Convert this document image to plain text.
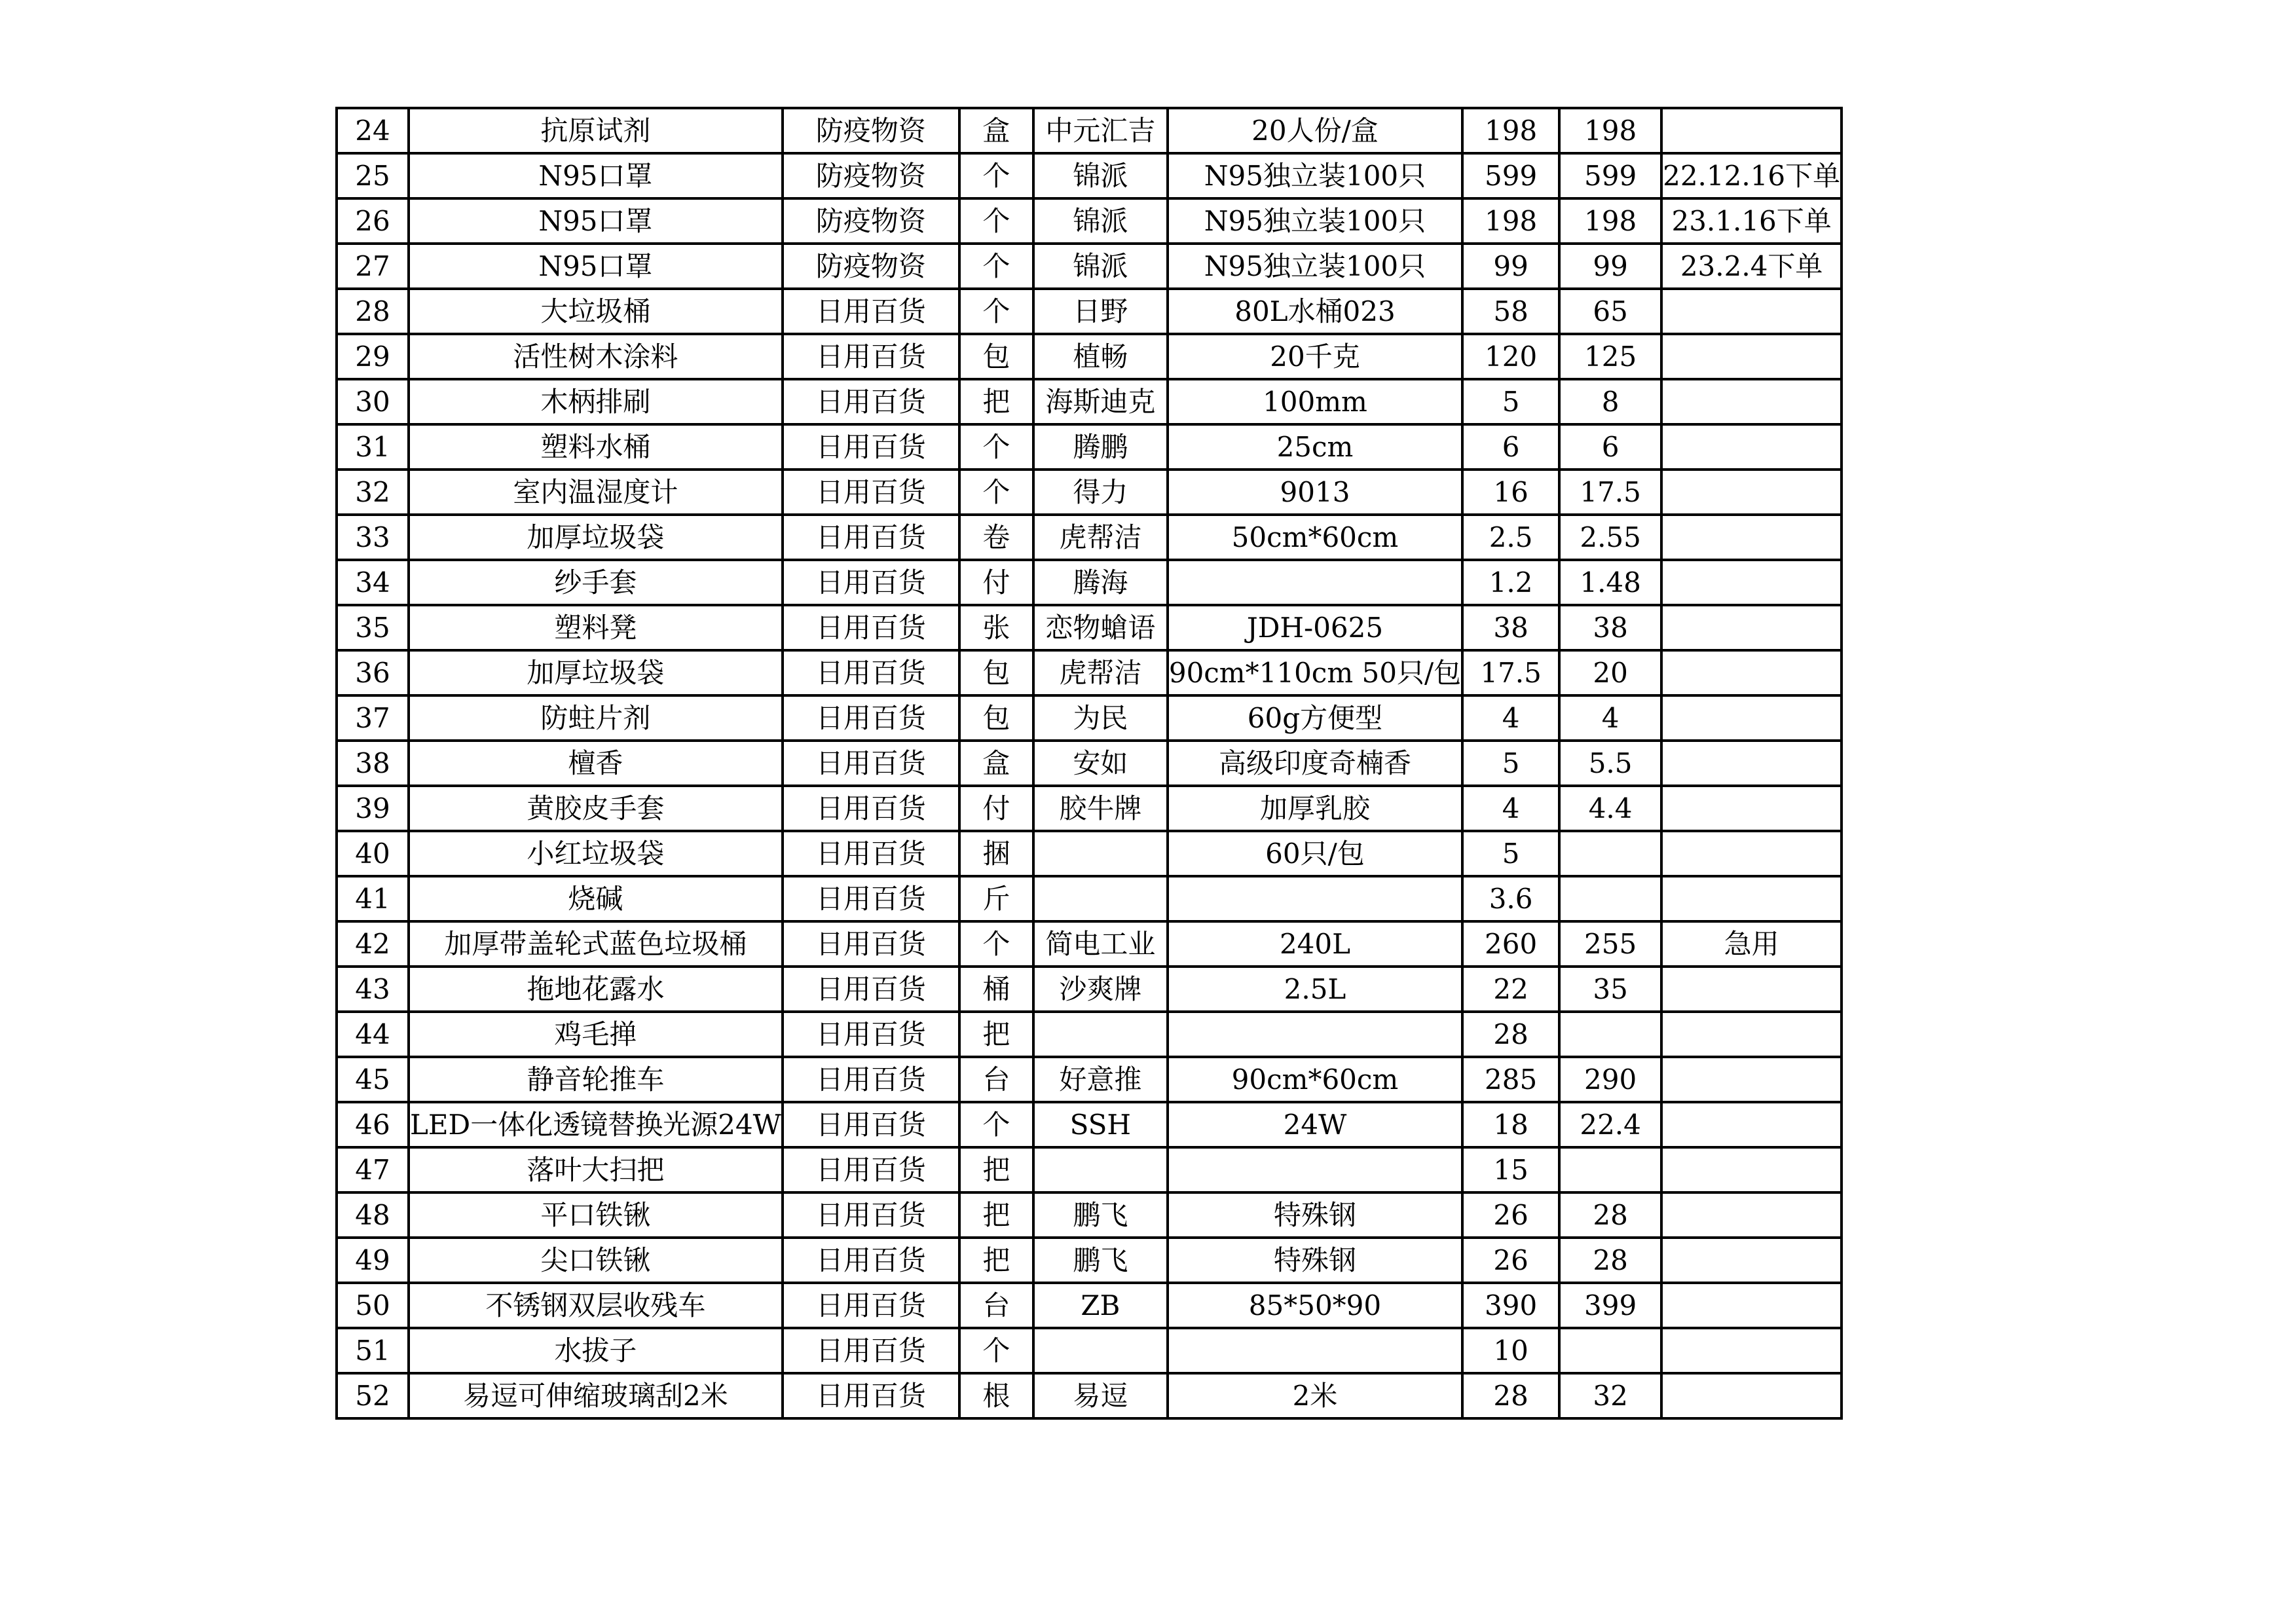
24	抗原试剂	防疫物资	盒	中元汇吉	20人份/盒	198	198	
25	N95口罩	防疫物资	个	锦派	N95独立装100只	599	599	22.12.16下单
26	N95口罩	防疫物资	个	锦派	N95独立装100只	198	198	23.1.16下单
27	N95口罩	防疫物资	个	锦派	N95独立装100只	99	99	23.2.4下单
28	大垃圾桶	日用百货	个	日野	80L水桶023	58	65	
29	活性树木涂料	日用百货	包	植畅	20千克	120	125	
30	木柄排刷	日用百货	把	海斯迪克	100mm	5	8	
31	塑料水桶	日用百货	个	腾鹏	25cm	6	6	
32	室内温湿度计	日用百货	个	得力	9013	16	17.5	
33	加厚垃圾袋	日用百货	卷	虎帮洁	50cm*60cm	2.5	2.55	
34	纱手套	日用百货	付	腾海		1.2	1.48	
35	塑料凳	日用百货	张	恋物螥语	JDH-0625	38	38	
36	加厚垃圾袋	日用百货	包	虎帮洁	90cm*110cm 50只/包	17.5	20	
37	防蛀片剂	日用百货	包	为民	60g方便型	4	4	
38	檀香	日用百货	盒	安如	高级印度奇楠香	5	5.5	
39	黄胶皮手套	日用百货	付	胶牛牌	加厚乳胶	4	4.4	
40	小红垃圾袋	日用百货	捆		60只/包	5		
41	烧碱	日用百货	斤			3.6		
42	加厚带盖轮式蓝色垃圾桶	日用百货	个	简电工业	240L	260	255	急用
43	拖地花露水	日用百货	桶	沙爽牌	2.5L	22	35	
44	鸡毛掸	日用百货	把			28		
45	静音轮推车	日用百货	台	好意推	90cm*60cm	285	290	
46	LED一体化透镜替换光源24W	日用百货	个	SSH	24W	18	22.4	
47	落叶大扫把	日用百货	把			15		
48	平口铁锹	日用百货	把	鹏飞	特殊钢	26	28	
49	尖口铁锹	日用百货	把	鹏飞	特殊钢	26	28	
50	不锈钢双层收残车	日用百货	台	ZB	85*50*90	390	399	
51	水拔子	日用百货	个			10		
52	易逗可伸缩玻璃刮2米	日用百货	根	易逗	2米	28	32	
